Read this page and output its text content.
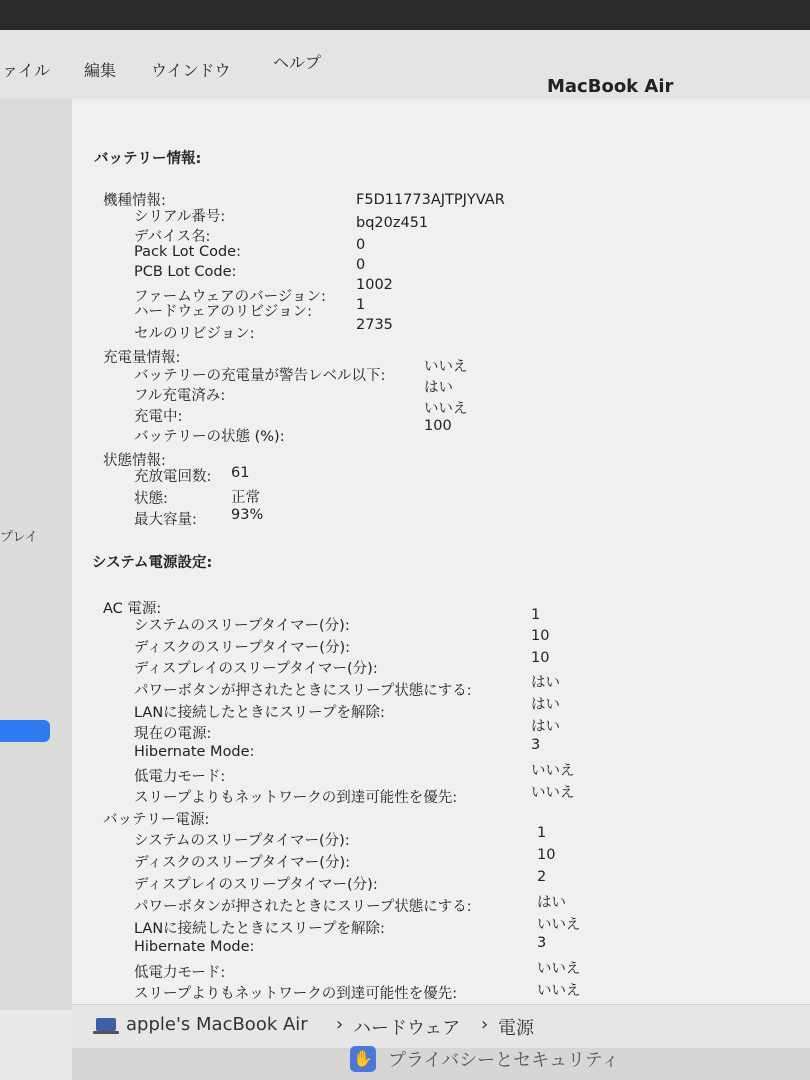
ァイル 編集 ウインドウ	ヘルプ
プレイ
MacBook Air
バッテリー情報:
機種情報:
シリアル番号:
F5D11773AJTPJYVAR
デバイス名:
bq20z451
Pack Lot Code:	0
PCB Lot Code:	0
ファームウェアのバージョン:
1002
ハードウェアのリビジョン:	1
セルのリビジョン:
2735
充電量情報:
バッテリーの充電量が警告レベル以下:
いいえ
フル充電済み:	はい
充電中:	いいえ
バッテリーの状態 (%):
100
状態情報:
充放電回数: 61
状態:	正常
最大容量: 93%
システム電源設定:
AC 電源:
システムのスリープタイマー(分):
1
ディスクのスリープタイマー(分):
10
ディスプレイのスリープタイマー(分):
10
パワーボタンが押されたときにスリープ状態にする:	はい
LANに接続したときにスリープを解除:	はい
現在の電源:	はい
Hibernate Mode:	3
低電力モード:	いいえ
スリープよりもネットワークの到達可能性を優先:	いいえ
バッテリー電源:
システムのスリープタイマー(分):	1
ディスクのスリープタイマー(分):	10
ディスプレイのスリープタイマー(分):	2
パワーボタンが押されたときにスリープ状態にする:	はい
LANに接続したときにスリープを解除:	いいえ
Hibernate Mode:	3
低電力モード:	いいえ
スリープよりもネットワークの到達可能性を優先:	いいえ
apple's MacBook Air › ハードウェア › 電源
✋ プライバシーとセキュリティ
